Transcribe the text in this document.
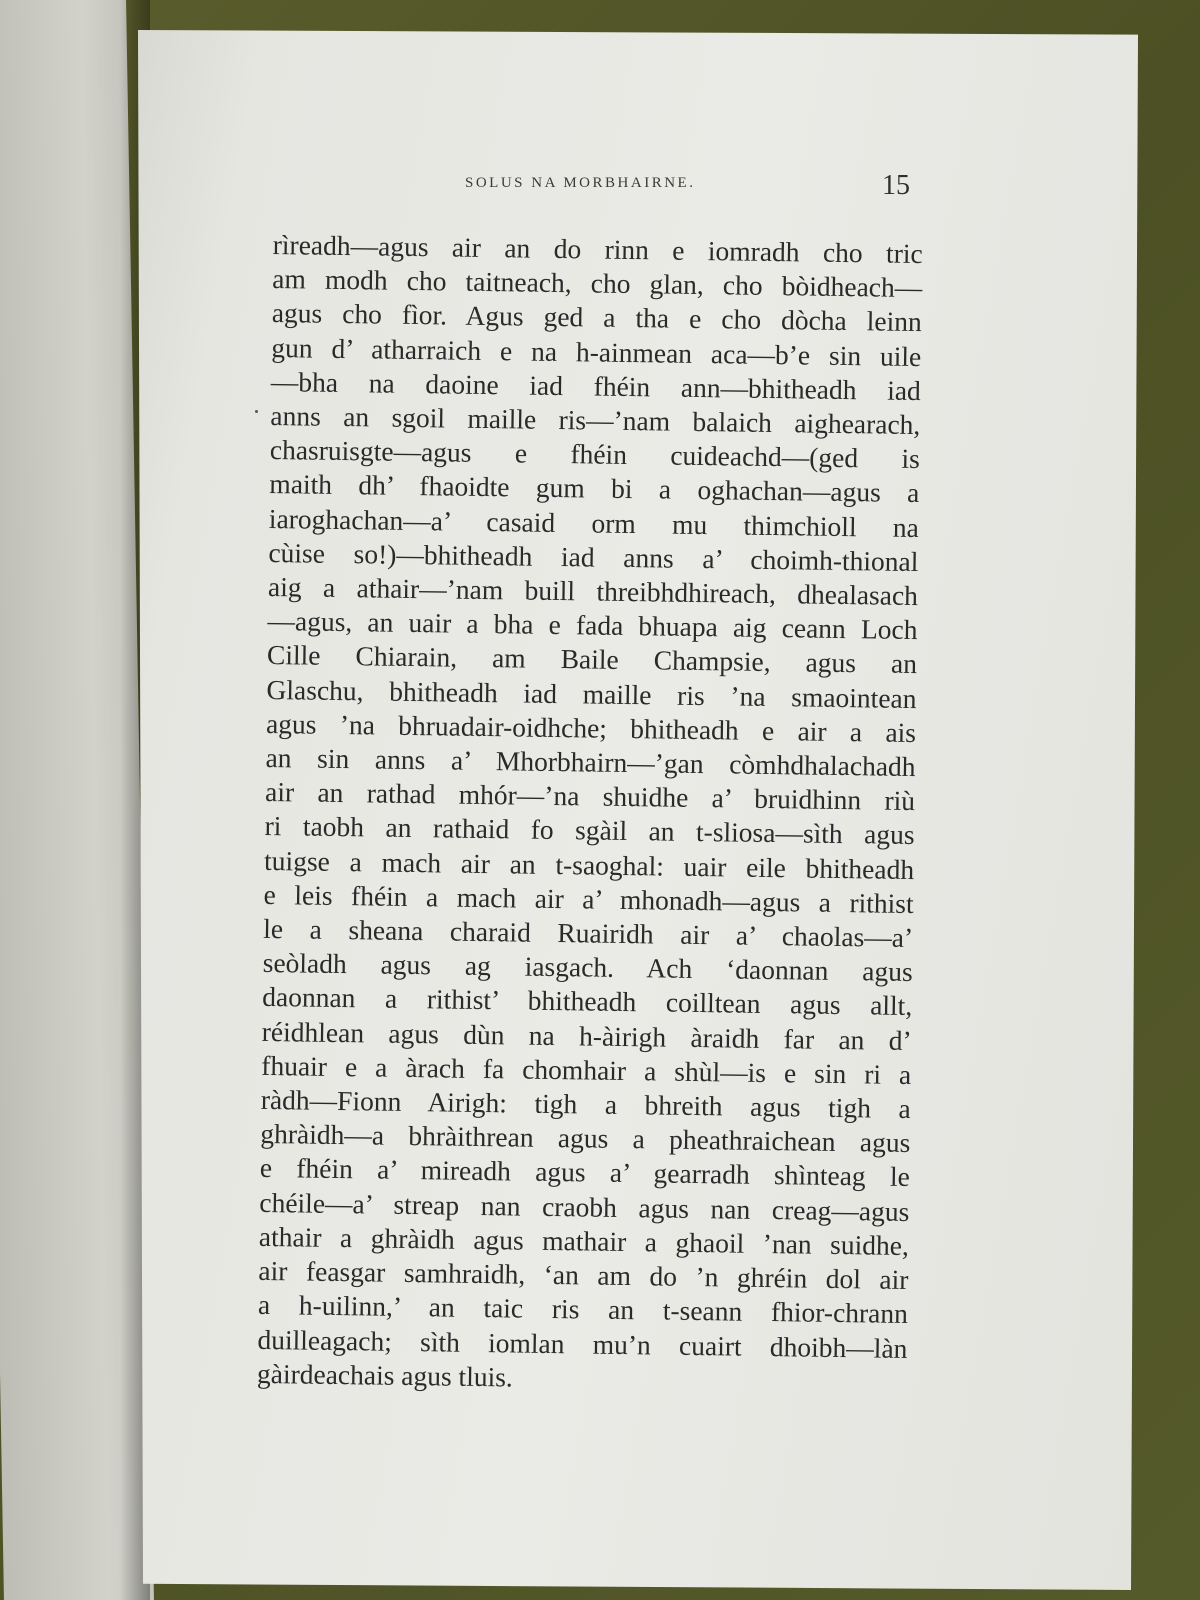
SOLUS NA MORBHAIRNE.	15
rìreadh—agus air an do rinn e iomradh cho tric
am modh cho taitneach, cho glan, cho bòidheach—
agus cho fìor. Agus ged a tha e cho dòcha leinn
gun d’ atharraich e na h-ainmean aca—b’e sin uile
—bha na daoine iad fhéin ann—bhitheadh iad
anns an sgoil maille ris—’nam balaich aighearach,
chasruisgte—agus e fhéin cuideachd—(ged is
maith dh’ fhaoidte gum bi a oghachan—agus a
iaroghachan—a’ casaid orm mu thimchioll na
cùise so!)—bhitheadh iad anns a’ choimh-thional
aig a athair—’nam buill threibhdhireach, dhealasach
—agus, an uair a bha e fada bhuapa aig ceann Loch
Cille Chiarain, am Baile Champsie, agus an
Glaschu, bhitheadh iad maille ris ’na smaointean
agus ’na bhruadair-oidhche; bhitheadh e air a ais
an sin anns a’ Mhorbhairn—’gan còmhdhalachadh
air an rathad mhór—’na shuidhe a’ bruidhinn riù
ri taobh an rathaid fo sgàil an t-sliosa—sìth agus
tuigse a mach air an t-saoghal: uair eile bhitheadh
e leis fhéin a mach air a’ mhonadh—agus a rithist
le a sheana charaid Ruairidh air a’ chaolas—a’
seòladh agus ag iasgach. Ach ‘daonnan agus
daonnan a rithist’ bhitheadh coilltean agus allt,
réidhlean agus dùn na h-àirigh àraidh far an d’
fhuair e a àrach fa chomhair a shùl—is e sin ri a
ràdh—Fionn Airigh: tigh a bhreith agus tigh a
ghràidh—a bhràithrean agus a pheathraichean agus
e fhéin a’ mireadh agus a’ gearradh shìnteag le
chéile—a’ streap nan craobh agus nan creag—agus
athair a ghràidh agus mathair a ghaoil ’nan suidhe,
air feasgar samhraidh, ‘an am do ’n ghréin dol air
a h-uilinn,’ an taic ris an t-seann fhior-chrann
duilleagach; sìth iomlan mu’n cuairt dhoibh—làn
gàirdeachais agus tluis.
